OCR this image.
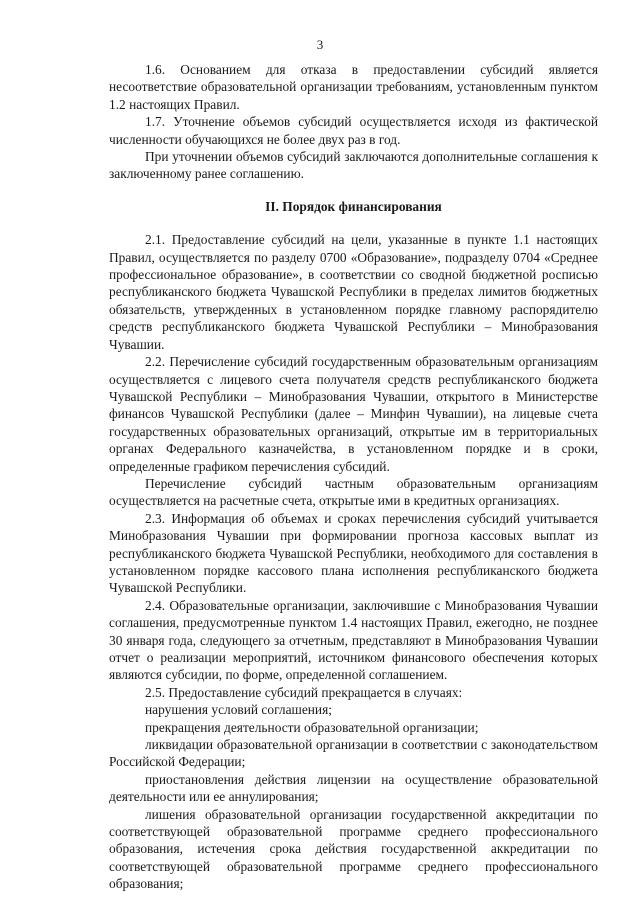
3

1.6. Основанием для отказа в предоставлении субсидий является несоответствие образовательной организации требованиям, установленным пунктом 1.2 настоящих Правил.

1.7. Уточнение объемов субсидий осуществляется исходя из фактической численности обучающихся не более двух раз в год.

При уточнении объемов субсидий заключаются дополнительные соглашения к заключенному ранее соглашению.

II. Порядок финансирования

2.1. Предоставление субсидий на цели, указанные в пункте 1.1 настоящих Правил, осуществляется по разделу 0700 «Образование», подразделу 0704 «Среднее профессиональное образование», в соответствии со сводной бюджетной росписью республиканского бюджета Чувашской Республики в пределах лимитов бюджетных обязательств, утвержденных в установленном порядке главному распорядителю средств республиканского бюджета Чувашской Республики – Минобразования Чувашии.

2.2. Перечисление субсидий государственным образовательным организациям осуществляется с лицевого счета получателя средств республиканского бюджета Чувашской Республики – Минобразования Чувашии, открытого в Министерстве финансов Чувашской Республики (далее – Минфин Чувашии), на лицевые счета государственных образовательных организаций, открытые им в территориальных органах Федерального казначейства, в установленном порядке и в сроки, определенные графиком перечисления субсидий.

Перечисление субсидий частным образовательным организациям осуществляется на расчетные счета, открытые ими в кредитных организациях.

2.3. Информация об объемах и сроках перечисления субсидий учитывается Минобразования Чувашии при формировании прогноза кассовых выплат из республиканского бюджета Чувашской Республики, необходимого для составления в установленном порядке кассового плана исполнения республиканского бюджета Чувашской Республики.

2.4. Образовательные организации, заключившие с Минобразования Чувашии соглашения, предусмотренные пунктом 1.4 настоящих Правил, ежегодно, не позднее 30 января года, следующего за отчетным, представляют в Минобразования Чувашии отчет о реализации мероприятий, источником финансового обеспечения которых являются субсидии, по форме, определенной соглашением.

2.5. Предоставление субсидий прекращается в случаях:

нарушения условий соглашения;

прекращения деятельности образовательной организации;

ликвидации образовательной организации в соответствии с законодательством Российской Федерации;

приостановления действия лицензии на осуществление образовательной деятельности или ее аннулирования;

лишения образовательной организации государственной аккредитации по соответствующей образовательной программе среднего профессионального образования, истечения срока действия государственной аккредитации по соответствующей образовательной программе среднего профессионального образования;
